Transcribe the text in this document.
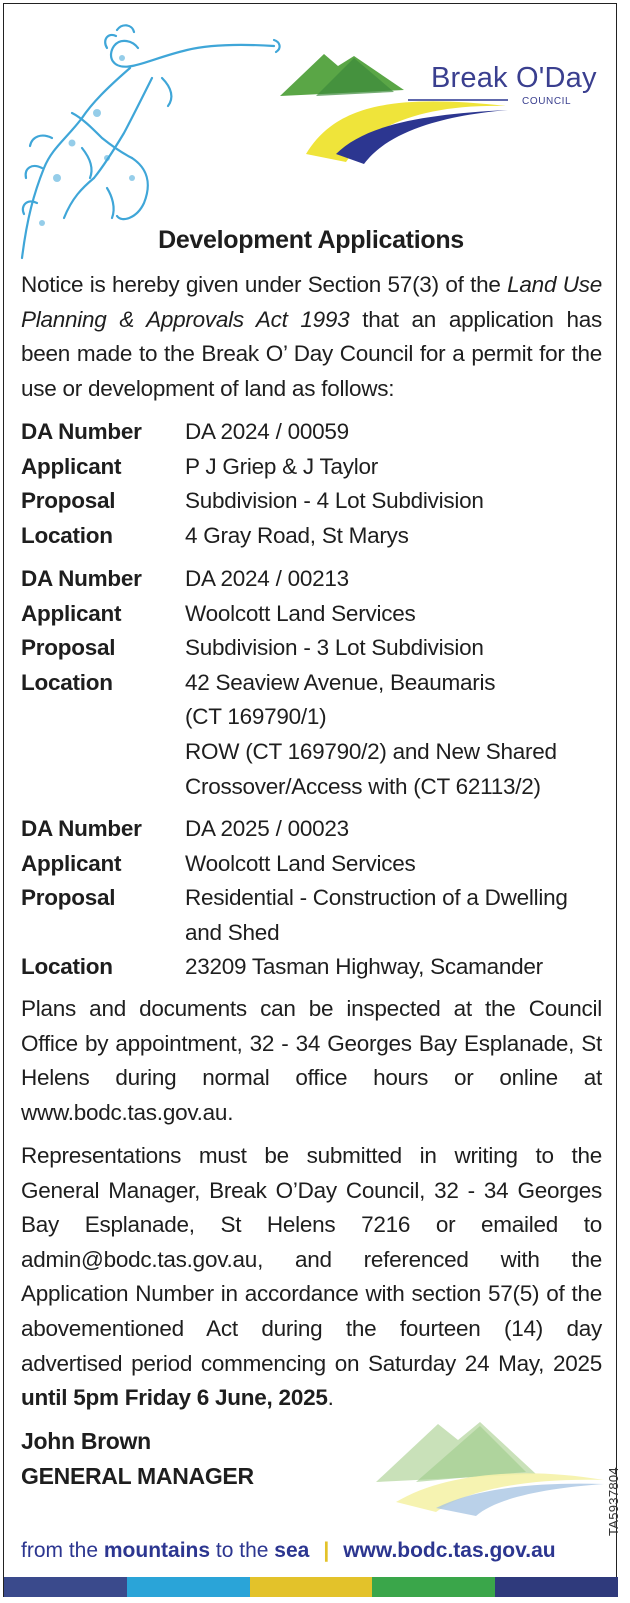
Break O'Day
COUNCIL
Development Applications
Notice is hereby given under Section 57(3) of the Land Use Planning & Approvals Act 1993 that an application has been made to the Break O’ Day Council for a permit for the use or development of land as follows:
DA Number	DA 2024 / 00059
Applicant	P J Griep & J Taylor
Proposal	Subdivision - 4 Lot Subdivision
Location	4 Gray Road, St Marys
DA Number	DA 2024 / 00213
Applicant	Woolcott Land Services
Proposal	Subdivision - 3 Lot Subdivision
Location	42 Seaview Avenue, Beaumaris
(CT 169790/1)
ROW (CT 169790/2) and New Shared
Crossover/Access with (CT 62113/2)
DA Number	DA 2025 / 00023
Applicant	Woolcott Land Services
Proposal	Residential - Construction of a Dwelling
and Shed
Location	23209 Tasman Highway, Scamander
Plans and documents can be inspected at the Council Office by appointment, 32 - 34 Georges Bay Esplanade, St Helens during normal office hours or online at www.bodc.tas.gov.au.
Representations must be submitted in writing to the General Manager, Break O’Day Council, 32 - 34 Georges Bay Esplanade, St Helens 7216 or emailed to admin@bodc.tas.gov.au, and referenced with the Application Number in accordance with section 57(5) of the abovementioned Act during the fourteen (14) day advertised period commencing on Saturday 24 May, 2025 until 5pm Friday 6 June, 2025.
John Brown
GENERAL MANAGER	TA5937804
from the mountains to the sea | www.bodc.tas.gov.au
